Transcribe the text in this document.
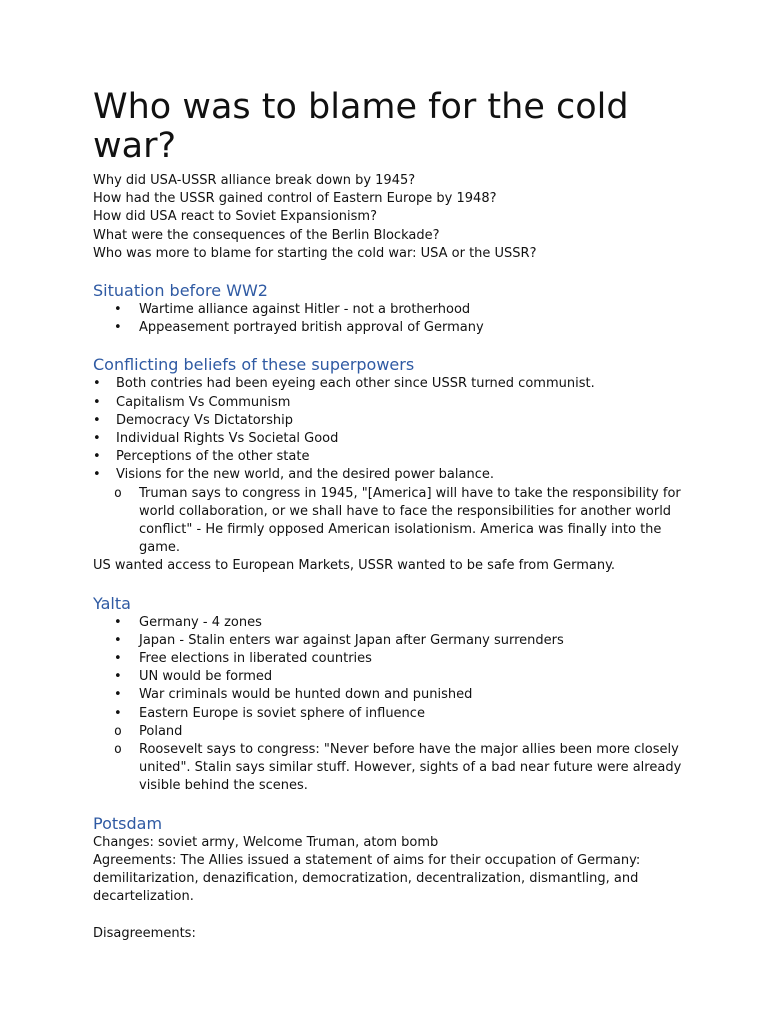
Who was to blame for the cold war?

Why did USA-USSR alliance break down by 1945?

How had the USSR gained control of Eastern Europe by 1948?

How did USA react to Soviet Expansionism?

What were the consequences of the Berlin Blockade?

Who was more to blame for starting the cold war: USA or the USSR?

Situation before WW2
• Wartime alliance against Hitler - not a brotherhood
• Appeasement portrayed british approval of Germany
Conflicting beliefs of these superpowers
• Both contries had been eyeing each other since USSR turned communist.
• Capitalism Vs Communism
• Democracy Vs Dictatorship
• Individual Rights Vs Societal Good
• Perceptions of the other state
• Visions for the new world, and the desired power balance.
o Truman says to congress in 1945, "[America] will have to take the responsibility for world collaboration, or we shall have to face the responsibilities for another world conflict" - He firmly opposed American isolationism. America was finally into the game.

US wanted access to European Markets, USSR wanted to be safe from Germany.

Yalta
• Germany - 4 zones
• Japan - Stalin enters war against Japan after Germany surrenders
• Free elections in liberated countries
• UN would be formed
• War criminals would be hunted down and punished
• Eastern Europe is soviet sphere of influence
o Poland
o Roosevelt says to congress: "Never before have the major allies been more closely united". Stalin says similar stuff. However, sights of a bad near future were already visible behind the scenes.
Potsdam

Changes: soviet army, Welcome Truman, atom bomb

Agreements: The Allies issued a statement of aims for their occupation of Germany: demilitarization, denazification, democratization, decentralization, dismantling, and decartelization.

Disagreements:
